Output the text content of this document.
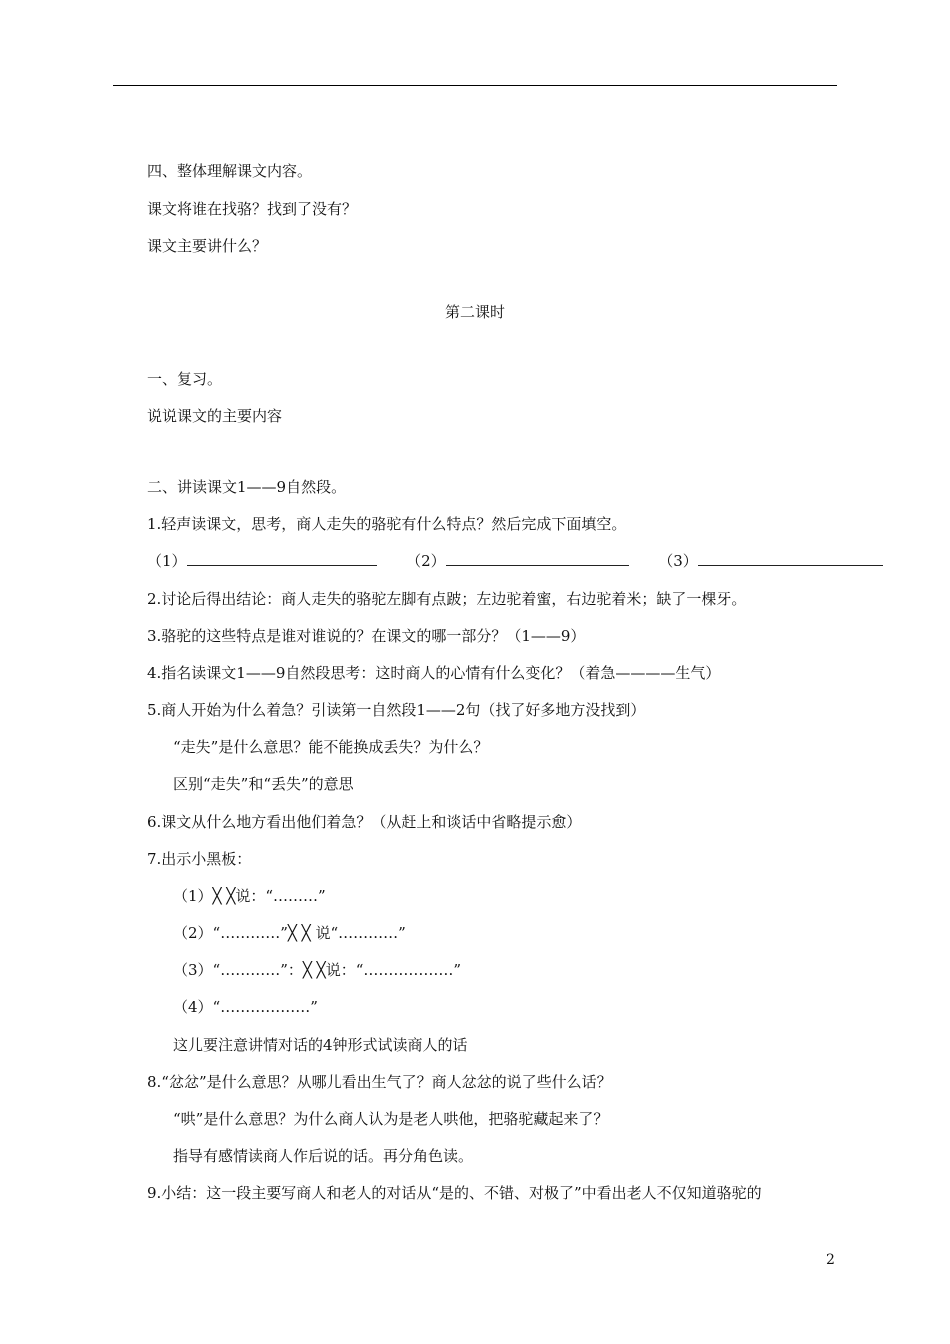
四、整体理解课文内容。
课文将谁在找骆？找到了没有？
课文主要讲什么？
第二课时
一、复习。
说说课文的主要内容
二、讲读课文1——9自然段。
1.轻声读课文，思考，商人走失的骆驼有什么特点？然后完成下面填空。
（1）	（2）	（3）
2.讨论后得出结论：商人走失的骆驼左脚有点跛；左边驼着蜜，右边驼着米；缺了一棵牙。
3.骆驼的这些特点是谁对谁说的？在课文的哪一部分？（1——9）
4.指名读课文1——9自然段思考：这时商人的心情有什么变化？（着急————生气）
5.商人开始为什么着急？引读第一自然段1——2句（找了好多地方没找到）
“走失”是什么意思？能不能换成丢失？为什么？
区别“走失”和“丢失”的意思
6.课文从什么地方看出他们着急？（从赶上和谈话中省略提示愈）
7.出示小黑板：
（1）╳ ╳说：“………”
（2）“…………”╳ ╳ 说“…………”
（3）“…………”：╳ ╳说：“………………”
（4）“………………”
这儿要注意讲情对话的4钟形式试读商人的话
8.“忿忿”是什么意思？从哪儿看出生气了？商人忿忿的说了些什么话？
“哄”是什么意思？为什么商人认为是老人哄他，把骆驼藏起来了？
指导有感情读商人作后说的话。再分角色读。
9.小结：这一段主要写商人和老人的对话从“是的、不错、对极了”中看出老人不仅知道骆驼的
2
